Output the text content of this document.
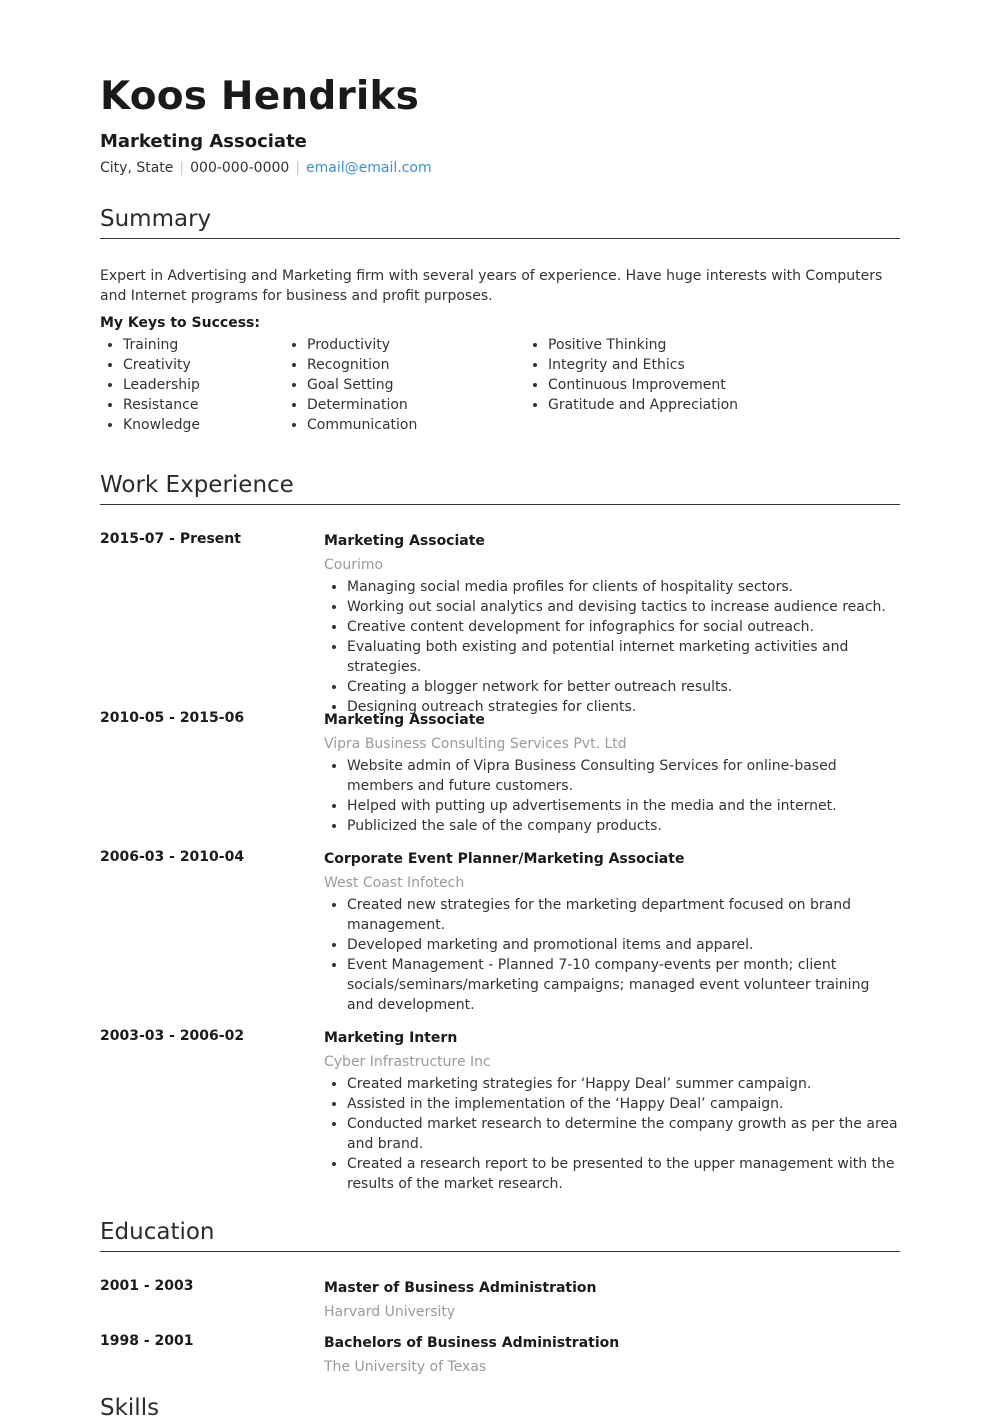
Koos Hendriks
Marketing Associate
City, State | 000-000-0000 | email@email.com
Summary
Expert in Advertising and Marketing firm with several years of experience. Have huge interests with Computers and Internet programs for business and profit purposes.
My Keys to Success:
• Training
• Creativity
• Leadership
• Resistance
• Knowledge
• Productivity
• Recognition
• Goal Setting
• Determination
• Communication
• Positive Thinking
• Integrity and Ethics
• Continuous Improvement
• Gratitude and Appreciation
Work Experience
2015-07 - Present	Marketing Associate
Courimo
• Managing social media profiles for clients of hospitality sectors.
• Working out social analytics and devising tactics to increase audience reach.
• Creative content development for infographics for social outreach.
• Evaluating both existing and potential internet marketing activities and strategies.
• Creating a blogger network for better outreach results.
• Designing outreach strategies for clients.
2010-05 - 2015-06	Marketing Associate
Vipra Business Consulting Services Pvt. Ltd
• Website admin of Vipra Business Consulting Services for online-based members and future customers.
• Helped with putting up advertisements in the media and the internet.
• Publicized the sale of the company products.
2006-03 - 2010-04	Corporate Event Planner/Marketing Associate
West Coast Infotech
• Created new strategies for the marketing department focused on brand management.
• Developed marketing and promotional items and apparel.
• Event Management - Planned 7-10 company-events per month; client socials/seminars/marketing campaigns; managed event volunteer training and development.
2003-03 - 2006-02	Marketing Intern
Cyber Infrastructure Inc
• Created marketing strategies for ‘Happy Deal’ summer campaign.
• Assisted in the implementation of the ‘Happy Deal’ campaign.
• Conducted market research to determine the company growth as per the area and brand.
• Created a research report to be presented to the upper management with the results of the market research.
Education
2001 - 2003	Master of Business Administration
Harvard University
1998 - 2001	Bachelors of Business Administration
The University of Texas
Skills
